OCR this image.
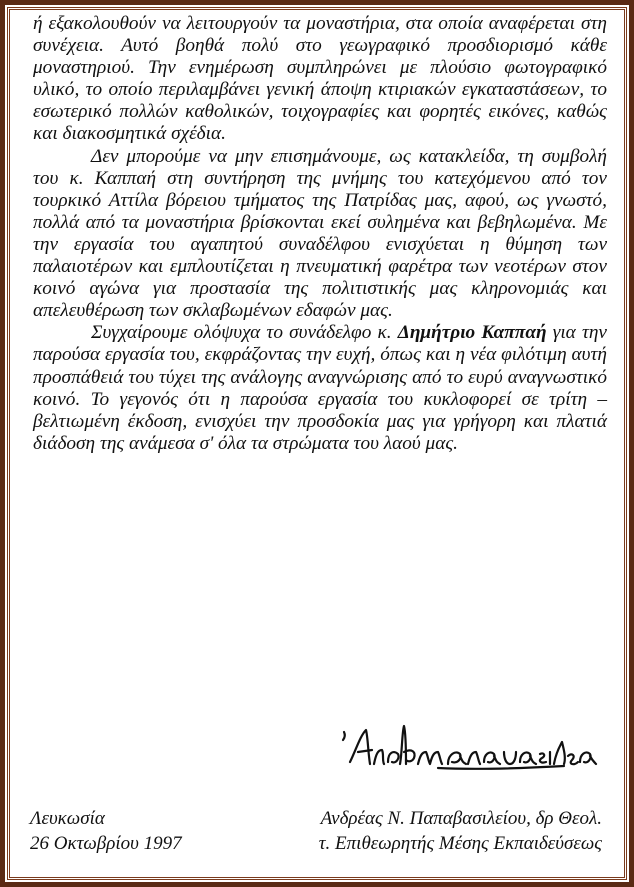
ή εξακολουθούν να λειτουργούν τα μοναστήρια, στα οποία αναφέρεται στη συνέχεια. Αυτό βοηθά πολύ στο γεωγραφικό προσδιορισμό κάθε μοναστηριού. Την ενημέρωση συμπληρώνει με πλούσιο φωτογραφικό υλικό, το οποίο περιλαμβάνει γενική άποψη κτιριακών εγκαταστάσεων, το εσωτερικό πολλών καθολικών, τοιχογραφίες και φορητές εικόνες, καθώς και διακοσμητικά σχέδια.

Δεν μπορούμε να μην επισημάνουμε, ως κατακλείδα, τη συμβολή του κ. Καππαή στη συντήρηση της μνήμης του κατεχόμενου από τον τουρκικό Αττίλα βόρειου τμήματος της Πατρίδας μας, αφού, ως γνωστό, πολλά από τα μοναστήρια βρίσκονται εκεί συλημένα και βεβηλωμένα. Με την εργασία του αγαπητού συναδέλφου ενισχύεται η θύμηση των παλαιοτέρων και εμπλουτίζεται η πνευματική φαρέτρα των νεοτέρων στον κοινό αγώνα για προστασία της πολιτιστικής μας κληρονομιάς και απελευθέρωση των σκλαβωμένων εδαφών μας.

Συγχαίρουμε ολόψυχα το συνάδελφο κ. Δημήτριο Καππαή για την παρούσα εργασία του, εκφράζοντας την ευχή, όπως και η νέα φιλότιμη αυτή προσπάθειά του τύχει της ανάλογης αναγνώρισης από το ευρύ αναγνωστικό κοινό. Το γεγονός ότι η παρούσα εργασία του κυκλοφορεί σε τρίτη – βελτιωμένη έκδοση, ενισχύει την προσδοκία μας για γρήγορη και πλατιά διάδοση της ανάμεσα σ' όλα τα στρώματα του λαού μας.

Λευκωσία
26 Οκτωβρίου 1997
Ανδρέας Ν. Παπαβασιλείου, δρ Θεολ.
τ. Επιθεωρητής Μέσης Εκπαιδεύσεως
